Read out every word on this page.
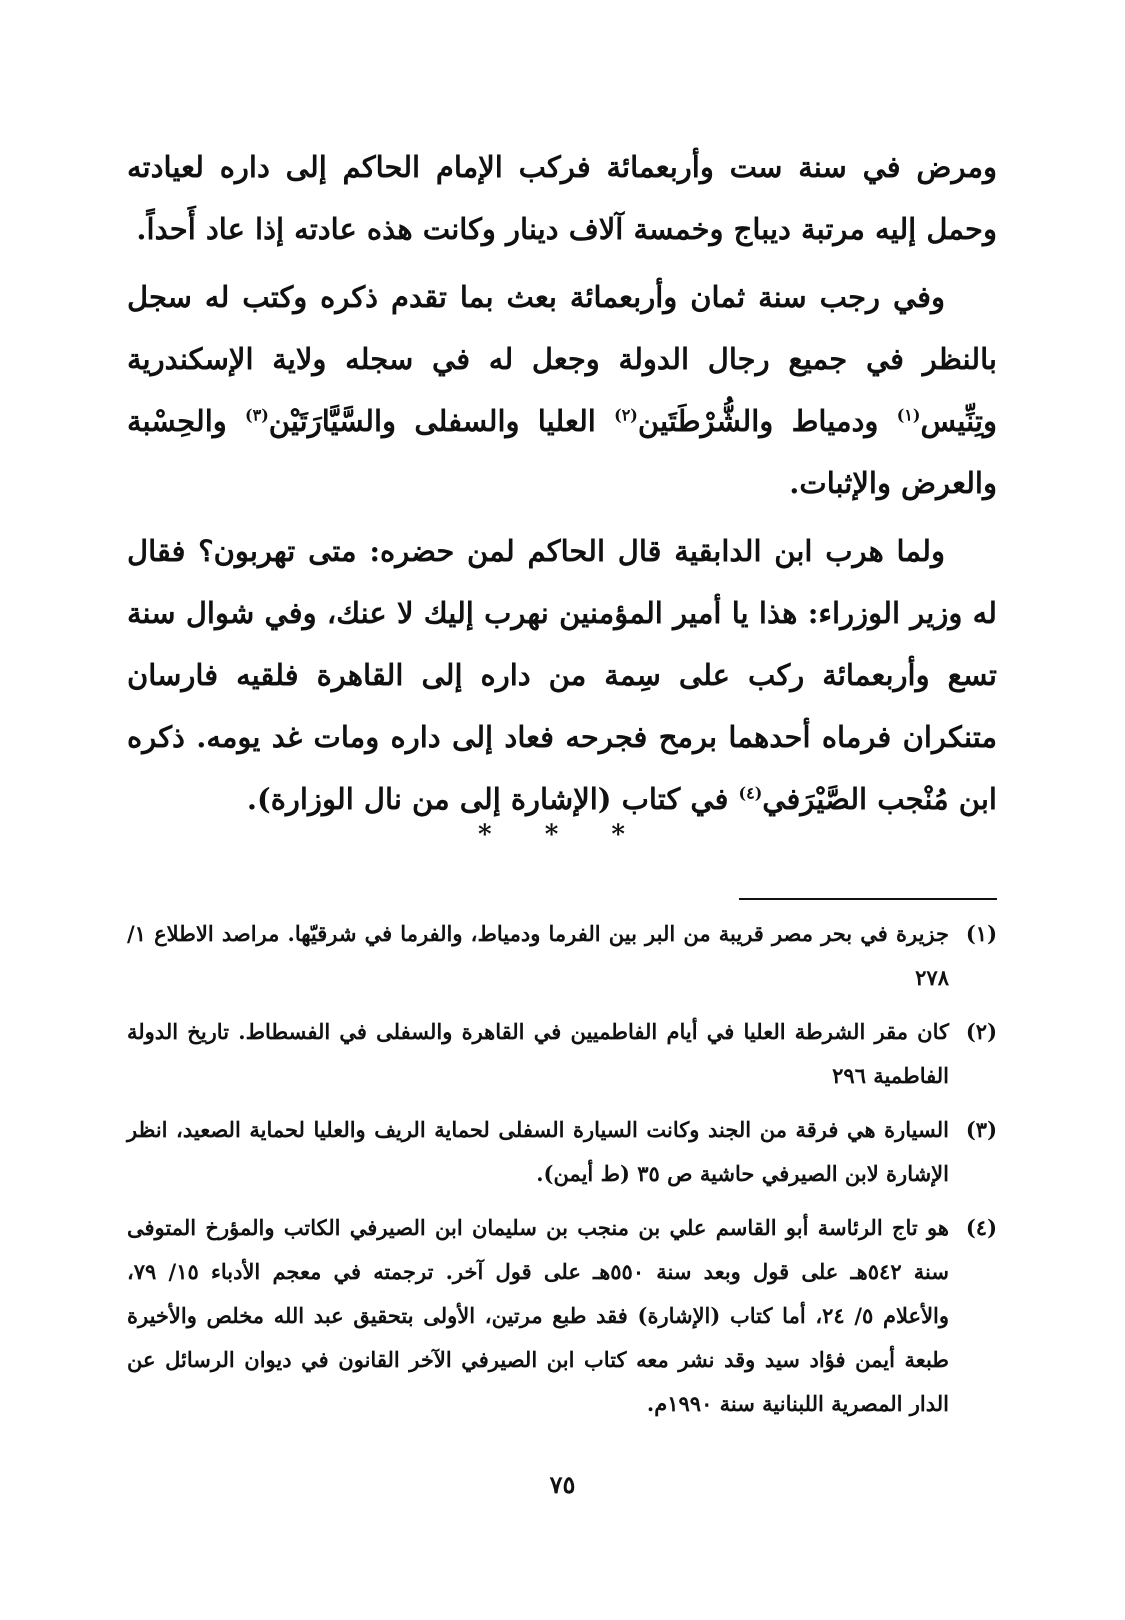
ومرض في سنة ست وأربعمائة فركب الإمام الحاكم إلى داره لعيادته وحمل إليه مرتبة ديباج وخمسة آلاف دينار وكانت هذه عادته إذا عاد أَحداً.

وفي رجب سنة ثمان وأربعمائة بعث بما تقدم ذكره وكتب له سجل بالنظر في جميع رجال الدولة وجعل له في سجله ولاية الإسكندرية وتِنِّيس$^{(١)}$ ودمياط والشُّرْطَتَين$^{(٢)}$ العليا والسفلى والسَّيَّارَتَيْن$^{(٣)}$ والحِسْبة والعرض والإثبات.

ولما هرب ابن الدابقية قال الحاكم لمن حضره: متى تهربون؟ فقال له وزير الوزراء: هذا يا أمير المؤمنين نهرب إليك لا عنك، وفي شوال سنة تسع وأربعمائة ركب على سِمة من داره إلى القاهرة فلقيه فارسان متنكران فرماه أحدهما برمح فجرحه فعاد إلى داره ومات غد يومه. ذكره ابن مُنْجب الصَّيْرَفي$^{(٤)}$ في كتاب (الإشارة إلى من نال الوزارة).

* * *
(١)
جزيرة في بحر مصر قريبة من البر بين الفرما ودمياط، والفرما في شرقيّها. مراصد الاطلاع ١/ ٢٧٨
(٢)
كان مقر الشرطة العليا في أيام الفاطميين في القاهرة والسفلى في الفسطاط. تاريخ الدولة الفاطمية ٢٩٦
(٣)
السيارة هي فرقة من الجند وكانت السيارة السفلى لحماية الريف والعليا لحماية الصعيد، انظر الإشارة لابن الصيرفي حاشية ص ٣٥ (ط أيمن).
(٤)
هو تاج الرئاسة أبو القاسم علي بن منجب بن سليمان ابن الصيرفي الكاتب والمؤرخ المتوفى سنة ٥٤٢هـ على قول وبعد سنة ٥٥٠هـ على قول آخر. ترجمته في معجم الأدباء ١٥/ ٧٩، والأعلام ٥/ ٢٤، أما كتاب (الإشارة) فقد طبع مرتين، الأولى بتحقيق عبد الله مخلص والأخيرة طبعة أيمن فؤاد سيد وقد نشر معه كتاب ابن الصيرفي الآخر القانون في ديوان الرسائل عن الدار المصرية اللبنانية سنة ١٩٩٠م.
٧٥
